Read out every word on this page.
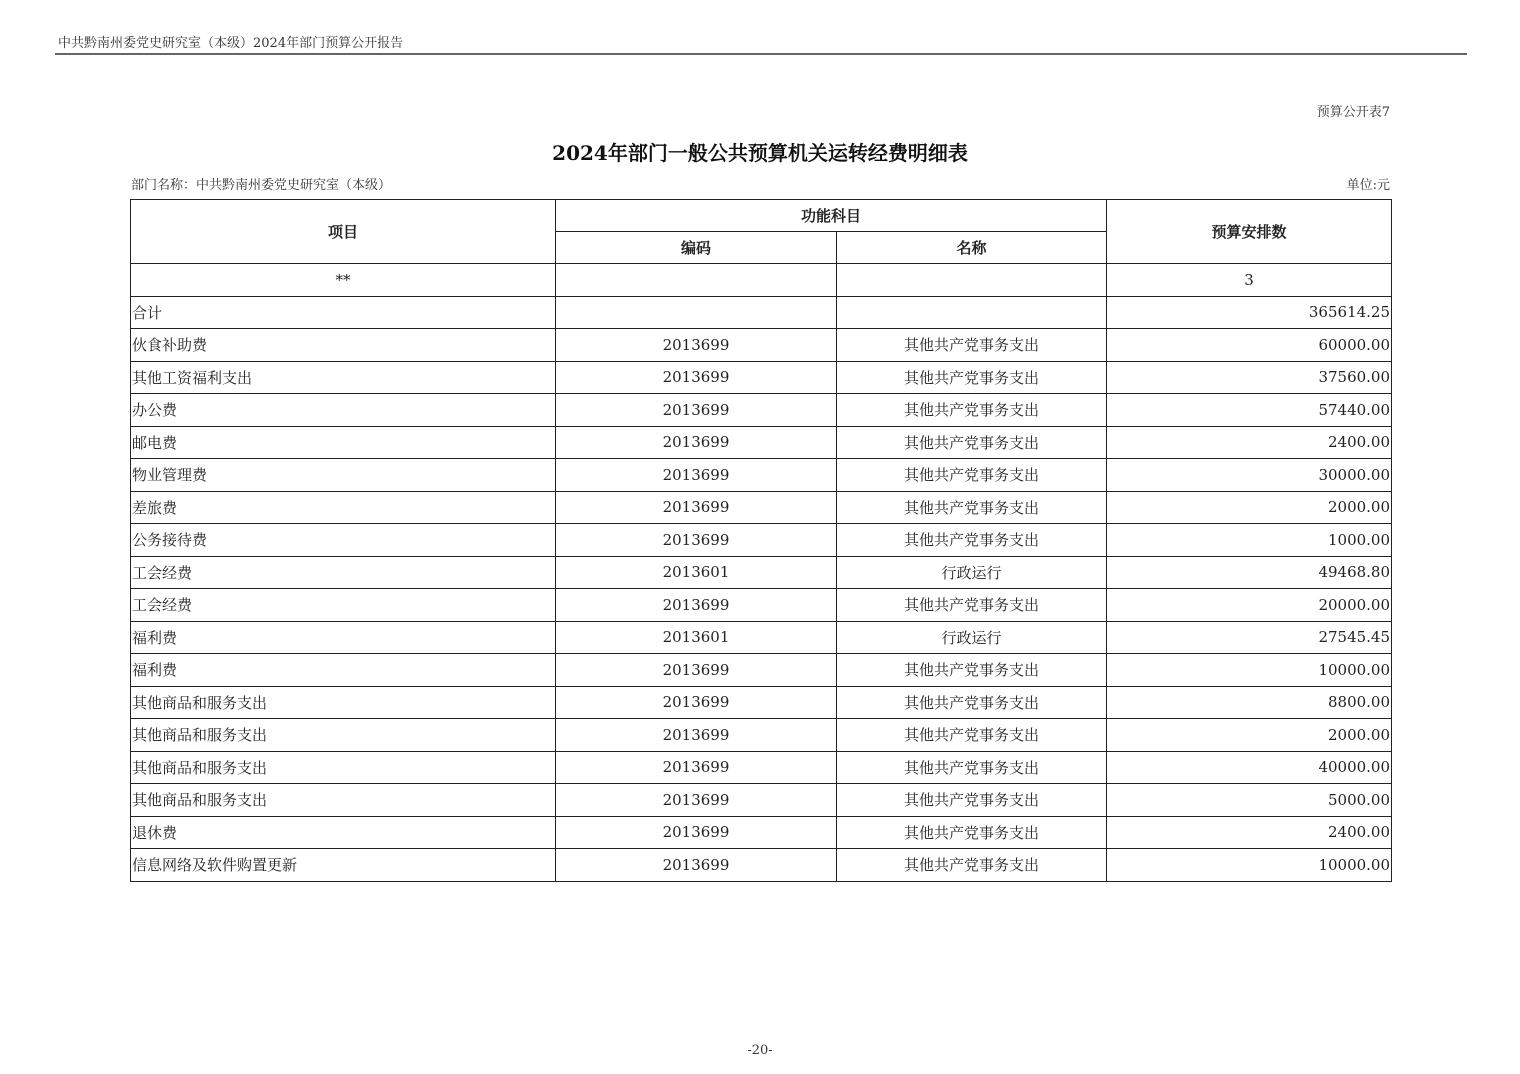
中共黔南州委党史研究室（本级）2024年部门预算公开报告
预算公开表7
2024年部门一般公共预算机关运转经费明细表
部门名称：中共黔南州委党史研究室（本级）	单位:元
项目	功能科目		预算安排数
	编码	名称	
**			3
合计			365614.25
伙食补助费	2013699	其他共产党事务支出	60000.00
其他工资福利支出	2013699	其他共产党事务支出	37560.00
办公费	2013699	其他共产党事务支出	57440.00
邮电费	2013699	其他共产党事务支出	2400.00
物业管理费	2013699	其他共产党事务支出	30000.00
差旅费	2013699	其他共产党事务支出	2000.00
公务接待费	2013699	其他共产党事务支出	1000.00
工会经费	2013601	行政运行	49468.80
工会经费	2013699	其他共产党事务支出	20000.00
福利费	2013601	行政运行	27545.45
福利费	2013699	其他共产党事务支出	10000.00
其他商品和服务支出	2013699	其他共产党事务支出	8800.00
其他商品和服务支出	2013699	其他共产党事务支出	2000.00
其他商品和服务支出	2013699	其他共产党事务支出	40000.00
其他商品和服务支出	2013699	其他共产党事务支出	5000.00
退休费	2013699	其他共产党事务支出	2400.00
信息网络及软件购置更新	2013699	其他共产党事务支出	10000.00
-20-
